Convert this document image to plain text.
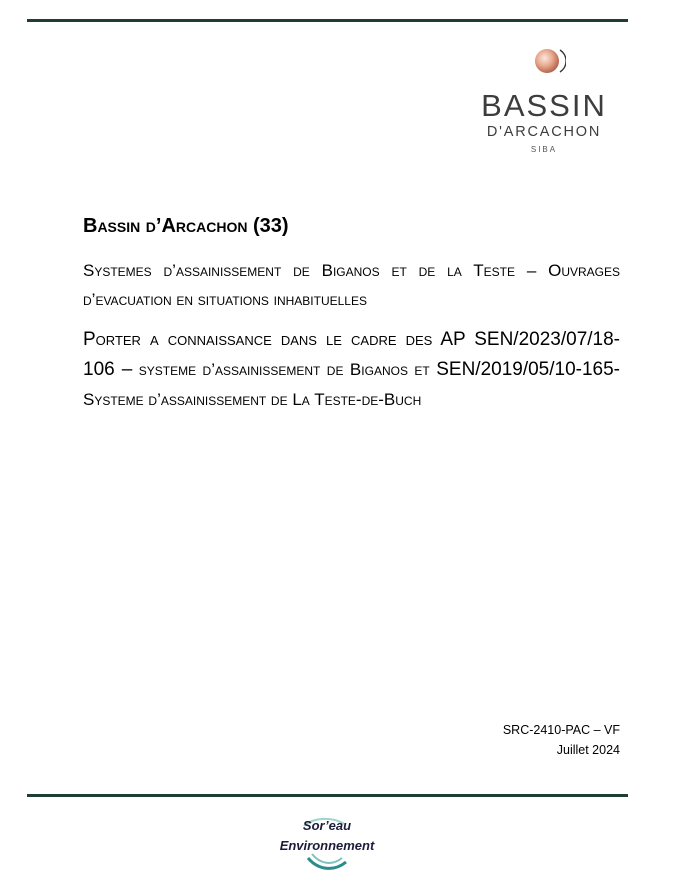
BASSIN
D'ARCACHON
SIBA
Bassin d’Arcachon (33)
Systemes d’assainissement de Biganos et de la Teste – Ouvrages d’evacuation en situations inhabituelles
Porter a connaissance dans le cadre des AP SEN/2023/07/18-106 – systeme d’assainissement de Biganos et SEN/2019/05/10-165-Systeme d’assainissement de La Teste-de-Buch
SRC-2410-PAC – VF
Juillet 2024
Sor’eau
Environnement
